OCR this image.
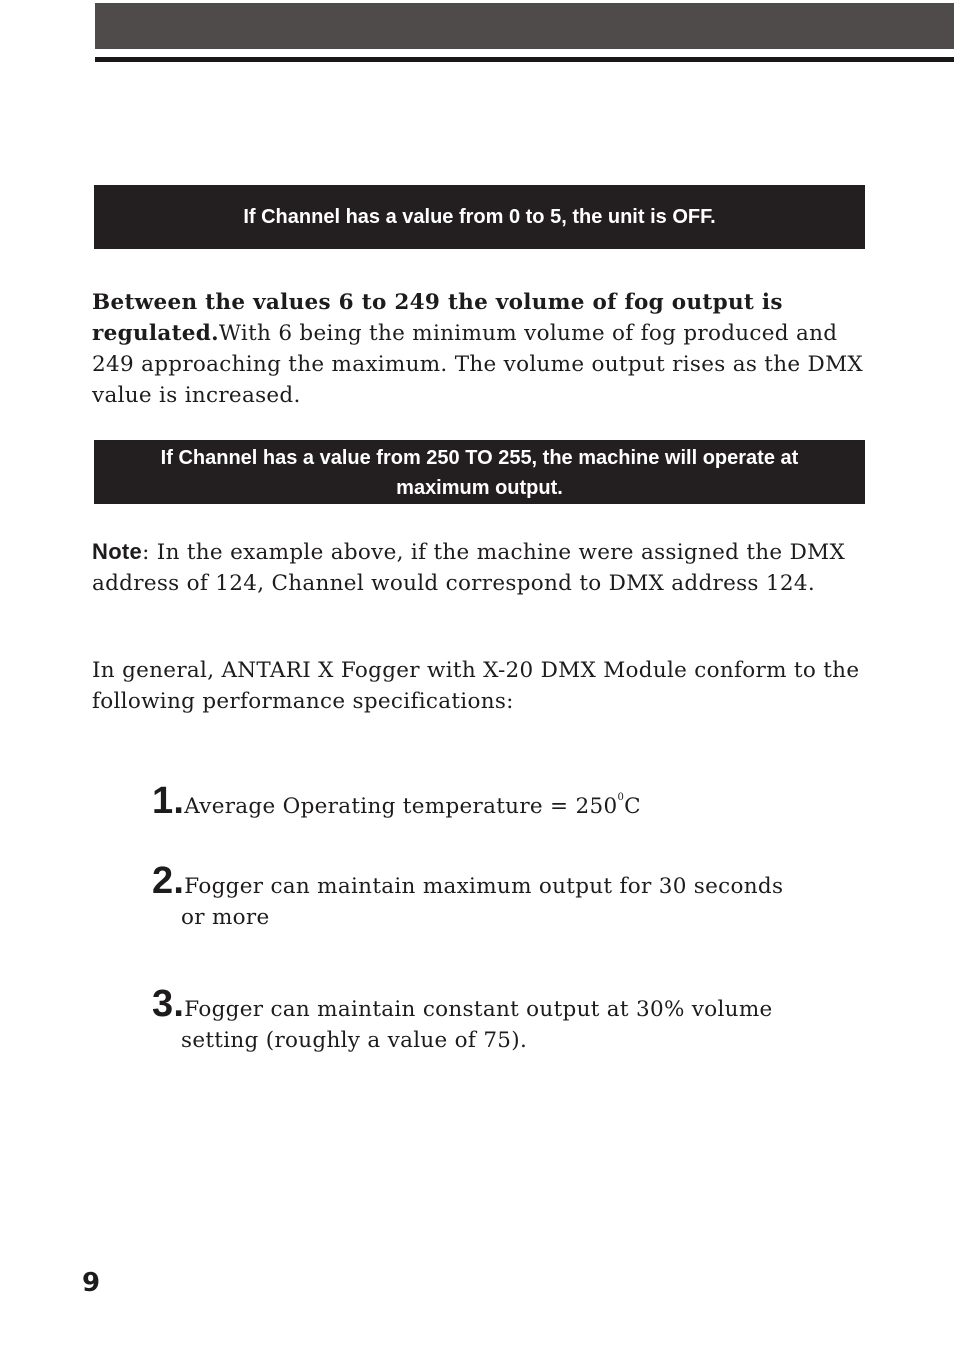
If Channel has a value from 0 to 5, the unit is OFF.

Between the values 6 to 249 the volume of fog output is regulated.With 6 being the minimum volume of fog produced and 249 approaching the maximum. The volume output rises as the DMX value is increased.

If Channel has a value from 250 TO 255, the machine will operate at
maximum output.

Note: In the example above, if the machine were assigned the DMX address of 124, Channel would correspond to DMX address 124.

In general, ANTARI X Fogger with X-20 DMX Module conform to the following performance specifications:

1.Average Operating temperature = $250^0C$
2.Fogger can maintain maximum output for 30 seconds
or more
3.Fogger can maintain constant output at 30% volume
setting (roughly a value of 75).
9
